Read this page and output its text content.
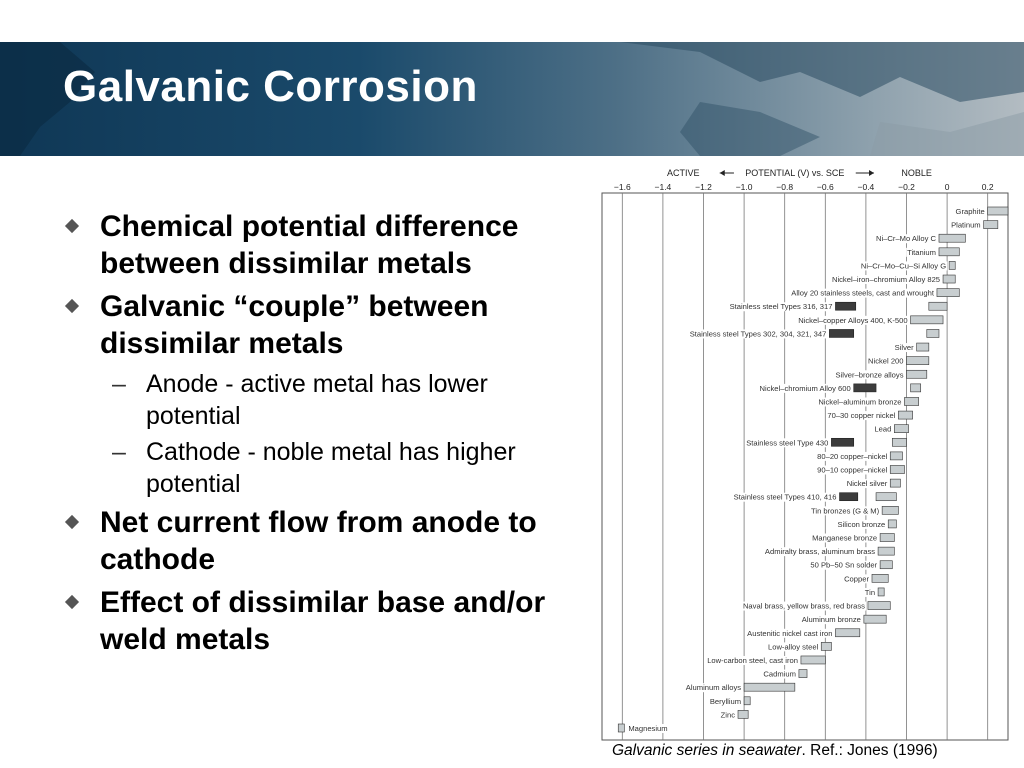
Galvanic Corrosion
Chemical potential difference between dissimilar metals
Galvanic “couple” between dissimilar metals
– Anode - active metal has lower potential
– Cathode - noble metal has higher potential
Net current flow from anode to cathode
Effect of dissimilar base and/or weld metals
ACTIVE	POTENTIAL (V) vs. SCE	NOBLE
−1.6	−1.4	−1.2	−1.0	−0.8	−0.6	−0.4	−0.2	0	0.2
Graphite
Platinum
Ni–Cr–Mo Alloy C
Titanium
Ni–Cr–Mo–Cu–Si Alloy G
Nickel–iron–chromium Alloy 825
Alloy 20 stainless steels, cast and wrought
Stainless steel Types 316, 317
Nickel–copper Alloys 400, K-500
Stainless steel Types 302, 304, 321, 347
Silver
Nickel 200
Silver–bronze alloys
Nickel–chromium Alloy 600
Nickel–aluminum bronze
70–30 copper nickel
Lead
Stainless steel Type 430
80–20 copper–nickel
90–10 copper–nickel
Nickel silver
Stainless steel Types 410, 416
Tin bronzes (G & M)
Silicon bronze
Manganese bronze
Admiralty brass, aluminum brass
50 Pb–50 Sn solder
Copper
Tin
Naval brass, yellow brass, red brass
Aluminum bronze
Austenitic nickel cast iron
Low-alloy steel
Low-carbon steel, cast iron
Cadmium
Aluminum alloys
Beryllium
Zinc
Magnesium
Galvanic series in seawater. Ref.: Jones (1996)
